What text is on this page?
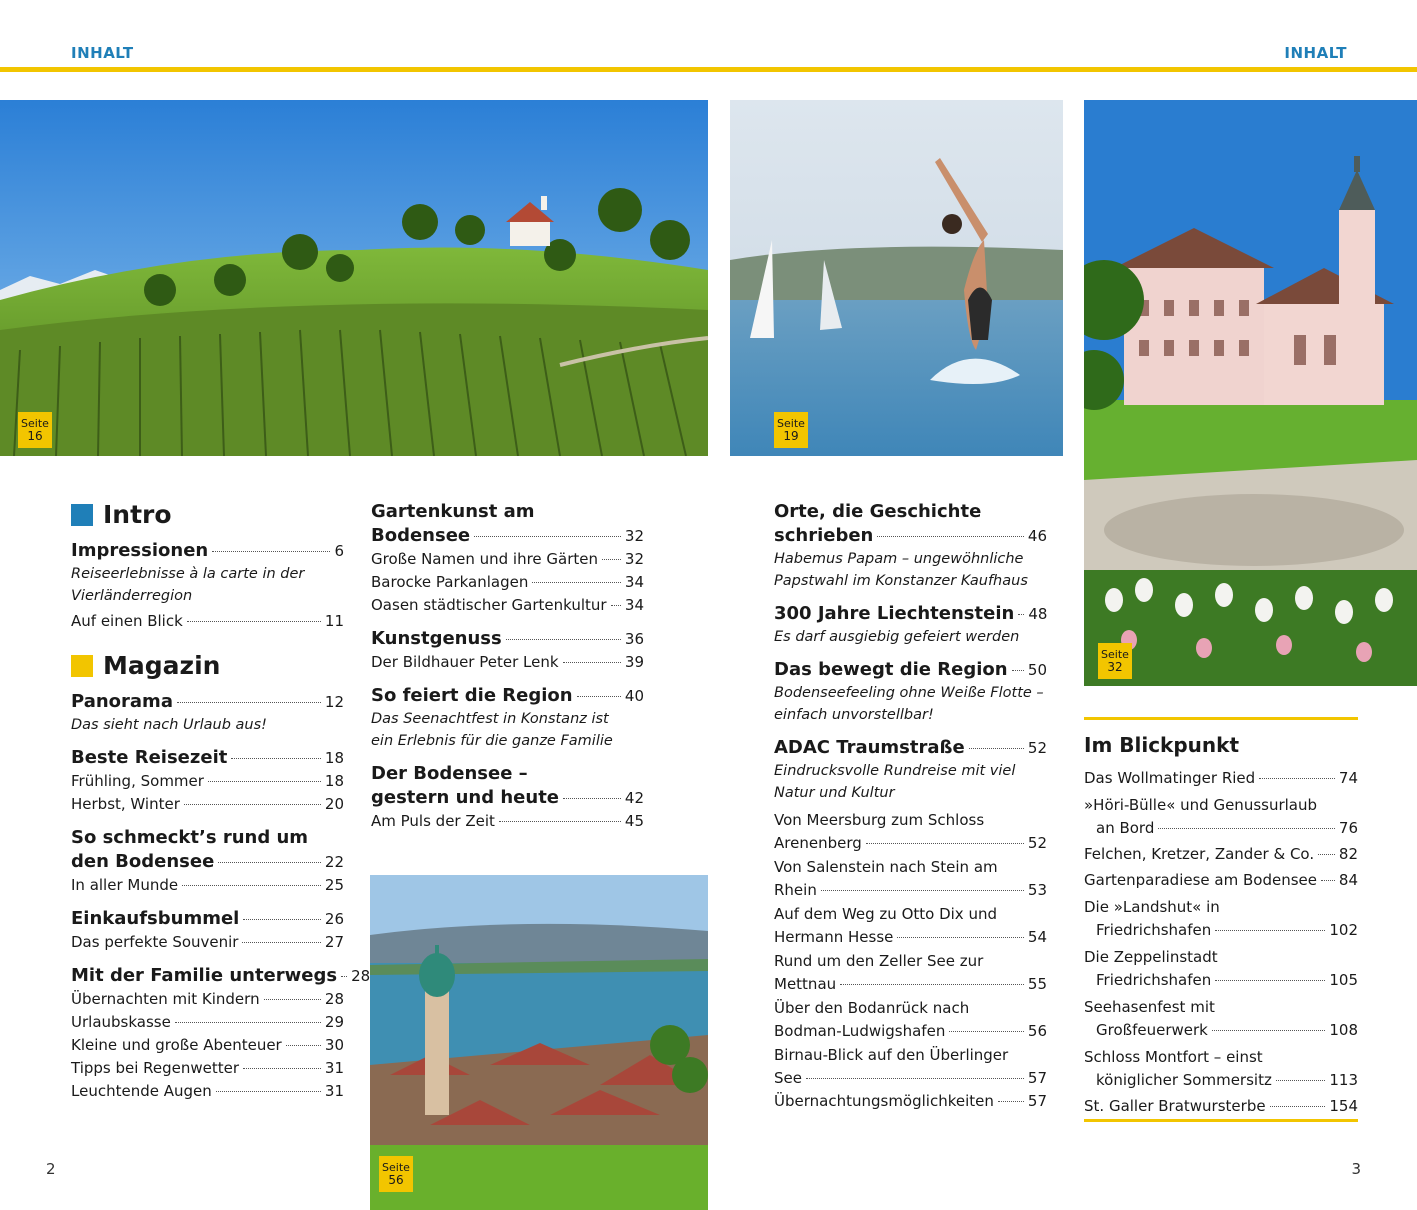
INHALT	INHALT
Seite
16
Seite
19
Seite
32
Seite
56
Intro
Impressionen	6
Reiseerlebnisse à la carte in der Vierländerregion
Auf einen Blick	11
Magazin
Panorama	12
Das sieht nach Urlaub aus!
Beste Reisezeit	18
Frühling, Sommer	18
Herbst, Winter	20
So schmeckt’s rund um
den Bodensee	22
In aller Munde	25
Einkaufsbummel	26
Das perfekte Souvenir	27
Mit der Familie unterwegs 28
Übernachten mit Kindern	28
Urlaubskasse	29
Kleine und große Abenteuer	30
Tipps bei Regenwetter	31
Leuchtende Augen	31
Gartenkunst am
Bodensee	32
Große Namen und ihre Gärten 32
Barocke Parkanlagen	34
Oasen städtischer Gartenkultur 34
Kunstgenuss	36
Der Bildhauer Peter Lenk	39
So feiert die Region	40
Das Seenachtfest in Konstanz ist
ein Erlebnis für die ganze Familie
Der Bodensee –
gestern und heute	42
Am Puls der Zeit	45
Orte, die Geschichte
schrieben	46
Habemus Papam – ungewöhnliche
Papstwahl im Konstanzer Kaufhaus
300 Jahre Liechtenstein 48
Es darf ausgiebig gefeiert werden
Das bewegt die Region 50
Bodenseefeeling ohne Weiße Flotte –
einfach unvorstellbar!
ADAC Traumstraße	52
Eindrucksvolle Rundreise mit viel
Natur und Kultur
Von Meersburg zum Schloss
Arenenberg	52
Von Salenstein nach Stein am
Rhein	53
Auf dem Weg zu Otto Dix und
Hermann Hesse	54
Rund um den Zeller See zur
Mettnau	55
Über den Bodanrück nach
Bodman-Ludwigshafen	56
Birnau-Blick auf den Überlinger
See	57
Übernachtungsmöglichkeiten 57
Im Blickpunkt
Das Wollmatinger Ried	74
»Höri-Bülle« und Genussurlaub
an Bord	76
Felchen, Kretzer, Zander & Co. 82
Gartenparadiese am Bodensee 84
Die »Landshut« in
Friedrichshafen	102
Die Zeppelinstadt
Friedrichshafen	105
Seehasenfest mit
Großfeuerwerk	108
Schloss Montfort – einst
königlicher Sommersitz	113
St. Galler Bratwursterbe	154
2	3
